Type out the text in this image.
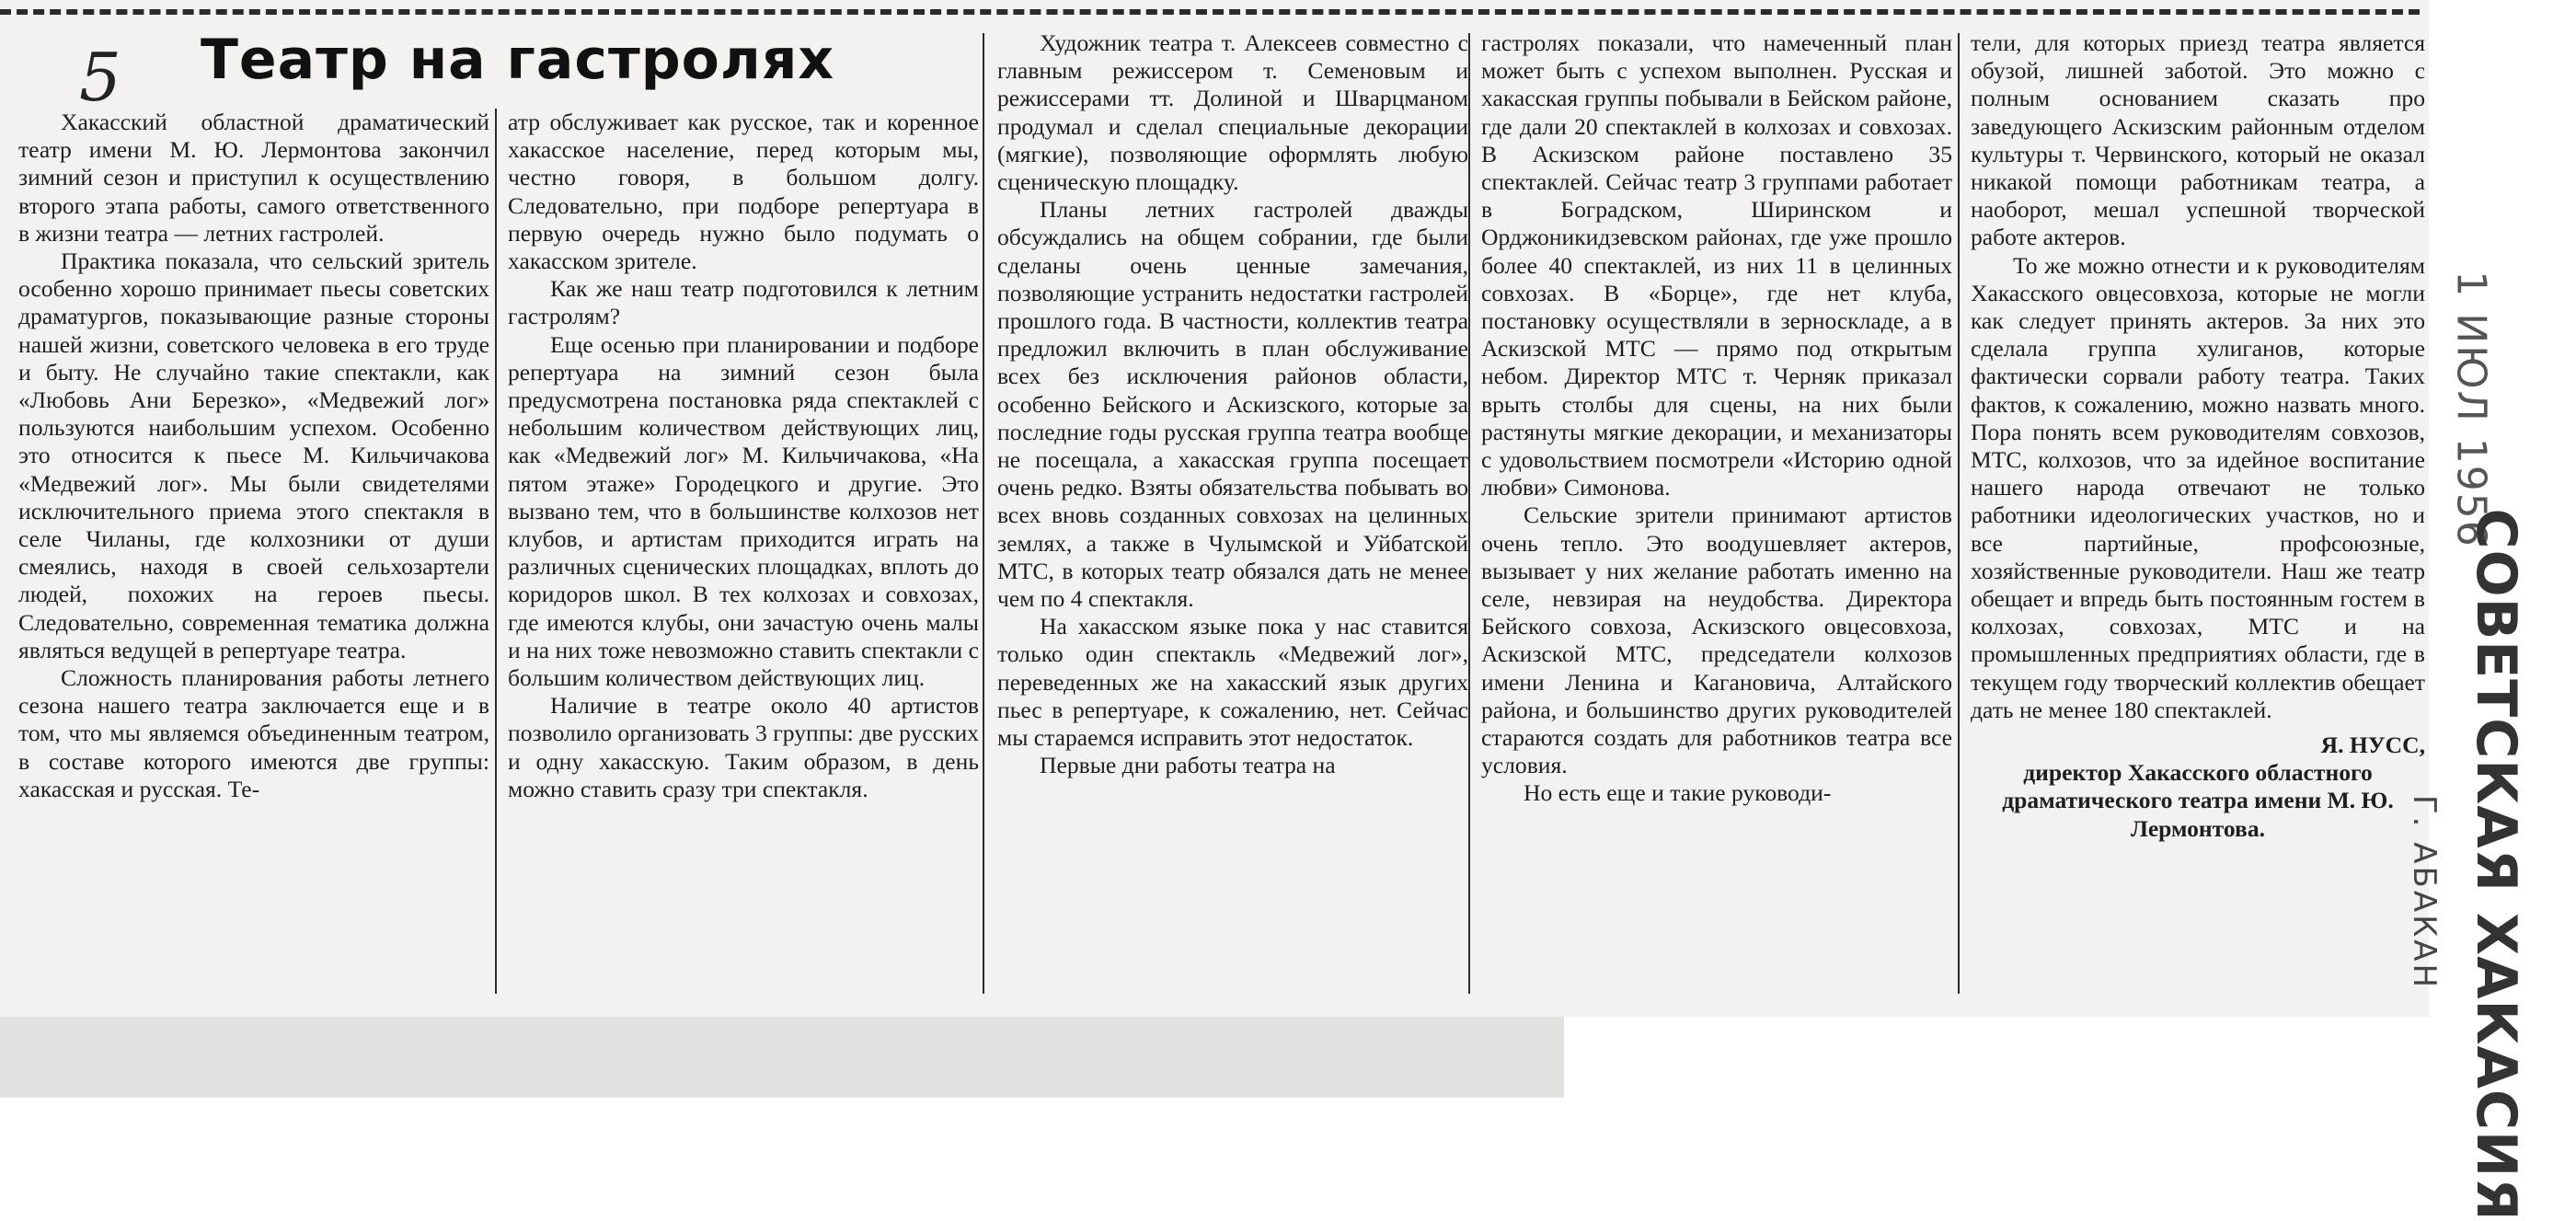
5 Театр на гастролях

Хакасский областной драматический театр имени М. Ю. Лермонтова закончил зимний сезон и приступил к осуществлению второго этапа работы, самого ответственного в жизни театра — летних гастролей.

Практика показала, что сельский зритель особенно хорошо принимает пьесы советских драматургов, показывающие разные стороны нашей жизни, советского человека в его труде и быту. Не случайно такие спектакли, как «Любовь Ани Березко», «Медвежий лог» пользуются наибольшим успехом. Особенно это относится к пьесе М. Кильчичакова «Медвежий лог». Мы были свидетелями исключительного приема этого спектакля в селе Чиланы, где колхозники от души смеялись, находя в своей сельхозартели людей, похожих на героев пьесы. Следовательно, современная тематика должна являться ведущей в репертуаре театра.

Сложность планирования работы летнего сезона нашего театра заключается еще и в том, что мы являемся объединенным театром, в составе которого имеются две группы: хакасская и русская. Те-

атр обслуживает как русское, так и коренное хакасское население, перед которым мы, честно говоря, в большом долгу. Следовательно, при подборе репертуара в первую очередь нужно было подумать о хакасском зрителе.

Как же наш театр подготовился к летним гастролям?

Еще осенью при планировании и подборе репертуара на зимний сезон была предусмотрена постановка ряда спектаклей с небольшим количеством действующих лиц, как «Медвежий лог» М. Кильчичакова, «На пятом этаже» Городецкого и другие. Это вызвано тем, что в большинстве колхозов нет клубов, и артистам приходится играть на различных сценических площадках, вплоть до коридоров школ. В тех колхозах и совхозах, где имеются клубы, они зачастую очень малы и на них тоже невозможно ставить спектакли с большим количеством действующих лиц.

Наличие в театре около 40 артистов позволило организовать 3 группы: две русских и одну хакасскую. Таким образом, в день можно ставить сразу три спектакля.

Художник театра т. Алексеев совместно с главным режиссером т. Семеновым и режиссерами тт. Долиной и Шварцманом продумал и сделал специальные декорации (мягкие), позволяющие оформлять любую сценическую площадку.

Планы летних гастролей дважды обсуждались на общем собрании, где были сделаны очень ценные замечания, позволяющие устранить недостатки гастролей прошлого года. В частности, коллектив театра предложил включить в план обслуживание всех без исключения районов области, особенно Бейского и Аскизского, которые за последние годы русская группа театра вообще не посещала, а хакасская группа посещает очень редко. Взяты обязательства побывать во всех вновь созданных совхозах на целинных землях, а также в Чулымской и Уйбатской МТС, в которых театр обязался дать не менее чем по 4 спектакля.

На хакасском языке пока у нас ставится только один спектакль «Медвежий лог», переведенных же на хакасский язык других пьес в репертуаре, к сожалению, нет. Сейчас мы стараемся исправить этот недостаток.

Первые дни работы театра на

гастролях показали, что намеченный план может быть с успехом выполнен. Русская и хакасская группы побывали в Бейском районе, где дали 20 спектаклей в колхозах и совхозах. В Аскизском районе поставлено 35 спектаклей. Сейчас театр 3 группами работает в Боградском, Ширинском и Орджоникидзевском районах, где уже прошло более 40 спектаклей, из них 11 в целинных совхозах. В «Борце», где нет клуба, постановку осуществляли в зерноскладе, а в Аскизской МТС — прямо под открытым небом. Директор МТС т. Черняк приказал врыть столбы для сцены, на них были растянуты мягкие декорации, и механизаторы с удовольствием посмотрели «Историю одной любви» Симонова.

Сельские зрители принимают артистов очень тепло. Это воодушевляет актеров, вызывает у них желание работать именно на селе, невзирая на неудобства. Директора Бейского совхоза, Аскизского овцесовхоза, Аскизской МТС, председатели колхозов имени Ленина и Кагановича, Алтайского района, и большинство других руководителей стараются создать для работников театра все условия.

Но есть еще и такие руководи-

тели, для которых приезд театра является обузой, лишней заботой. Это можно с полным основанием сказать про заведующего Аскизским районным отделом культуры т. Червинского, который не оказал никакой помощи работникам театра, а наоборот, мешал успешной творческой работе актеров.

То же можно отнести и к руководителям Хакасского овцесовхоза, которые не могли как следует принять актеров. За них это сделала группа хулиганов, которые фактически сорвали работу театра. Таких фактов, к сожалению, можно назвать много. Пора понять всем руководителям совхозов, МТС, колхозов, что за идейное воспитание нашего народа отвечают не только работники идеологических участков, но и все партийные, профсоюзные, хозяйственные руководители. Наш же театр обещает и впредь быть постоянным гостем в колхозах, совхозах, МТС и на промышленных предприятиях области, где в текущем году творческий коллектив обещает дать не менее 180 спектаклей.

Я. НУСС,

директор Хакасского областного драматического театра имени М. Ю. Лермонтова.

1 ИЮЛ 1956
Г. АБАКАН СОВЕТСКАЯ ХАКАСИЯ
